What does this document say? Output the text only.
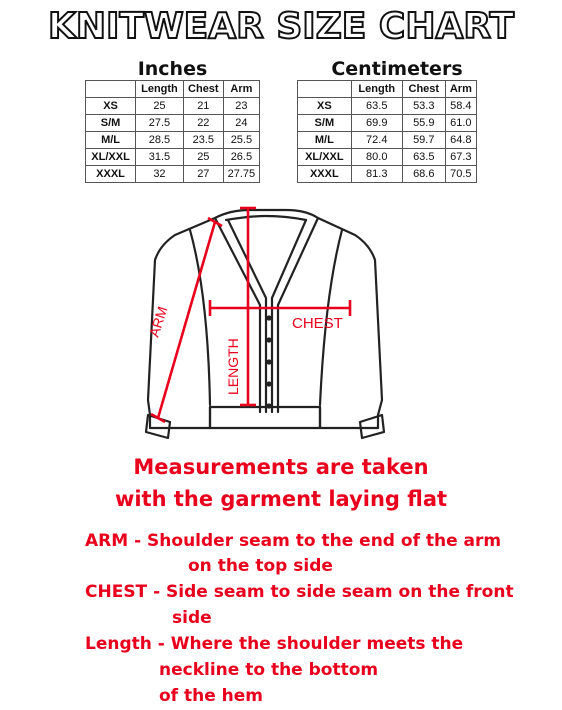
KNITWEAR SIZE CHART
Inches
	Length	Chest	Arm
XS	25	21	23
S/M	27.5	22	24
M/L	28.5	23.5	25.5
XL/XXL	31.5	25	26.5
XXXL	32	27	27.75
Centimeters
	Length	Chest	Arm
XS	63.5	53.3	58.4
S/M	69.9	55.9	61.0
M/L	72.4	59.7	64.8
XL/XXL	80.0	63.5	67.3
XXXL	81.3	68.6	70.5
CHEST
LENGTH
ARM
Measurements are taken
with the garment laying flat
ARM - Shoulder seam to the end of the arm
on the top side
CHEST - Side seam to side seam on the front
side
Length - Where the shoulder meets the
neckline to the bottom
of the hem
